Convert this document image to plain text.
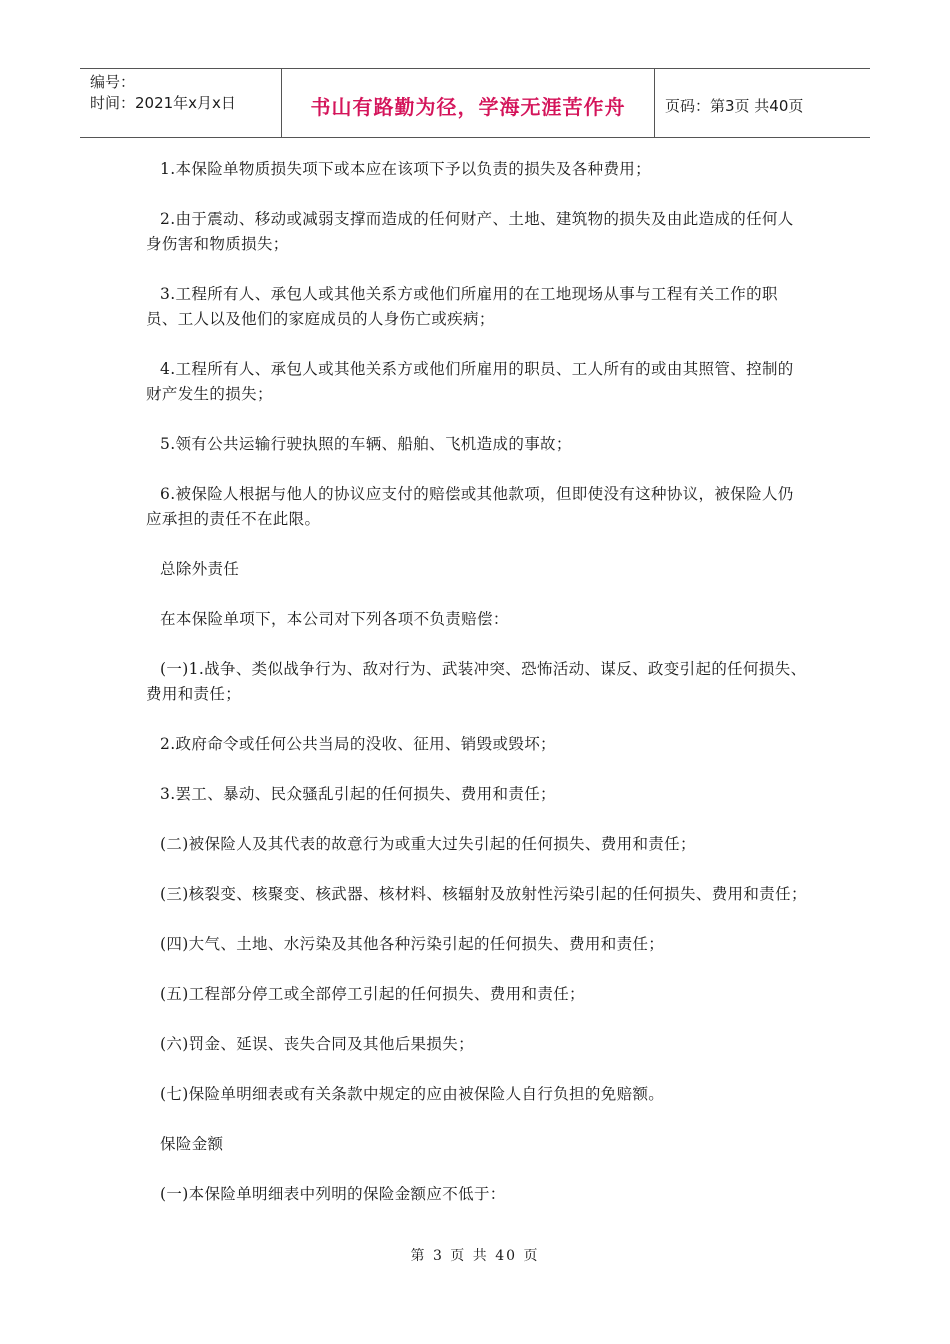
编号：
时间：2021年x月x日	书山有路勤为径，学海无涯苦作舟	页码：第3页 共40页

1.本保险单物质损失项下或本应在该项下予以负责的损失及各种费用；

2.由于震动、移动或减弱支撑而造成的任何财产、土地、建筑物的损失及由此造成的任何人身伤害和物质损失；

3.工程所有人、承包人或其他关系方或他们所雇用的在工地现场从事与工程有关工作的职员、工人以及他们的家庭成员的人身伤亡或疾病；

4.工程所有人、承包人或其他关系方或他们所雇用的职员、工人所有的或由其照管、控制的财产发生的损失；

5.领有公共运输行驶执照的车辆、船舶、飞机造成的事故；

6.被保险人根据与他人的协议应支付的赔偿或其他款项，但即使没有这种协议，被保险人仍应承担的责任不在此限。

总除外责任

在本保险单项下，本公司对下列各项不负责赔偿：

(一)1.战争、类似战争行为、敌对行为、武装冲突、恐怖活动、谋反、政变引起的任何损失、费用和责任；

2.政府命令或任何公共当局的没收、征用、销毁或毁坏；

3.罢工、暴动、民众骚乱引起的任何损失、费用和责任；

(二)被保险人及其代表的故意行为或重大过失引起的任何损失、费用和责任；

(三)核裂变、核聚变、核武器、核材料、核辐射及放射性污染引起的任何损失、费用和责任；

(四)大气、土地、水污染及其他各种污染引起的任何损失、费用和责任；

(五)工程部分停工或全部停工引起的任何损失、费用和责任；

(六)罚金、延误、丧失合同及其他后果损失；

(七)保险单明细表或有关条款中规定的应由被保险人自行负担的免赔额。

保险金额

(一)本保险单明细表中列明的保险金额应不低于：

第 3 页 共 40 页
